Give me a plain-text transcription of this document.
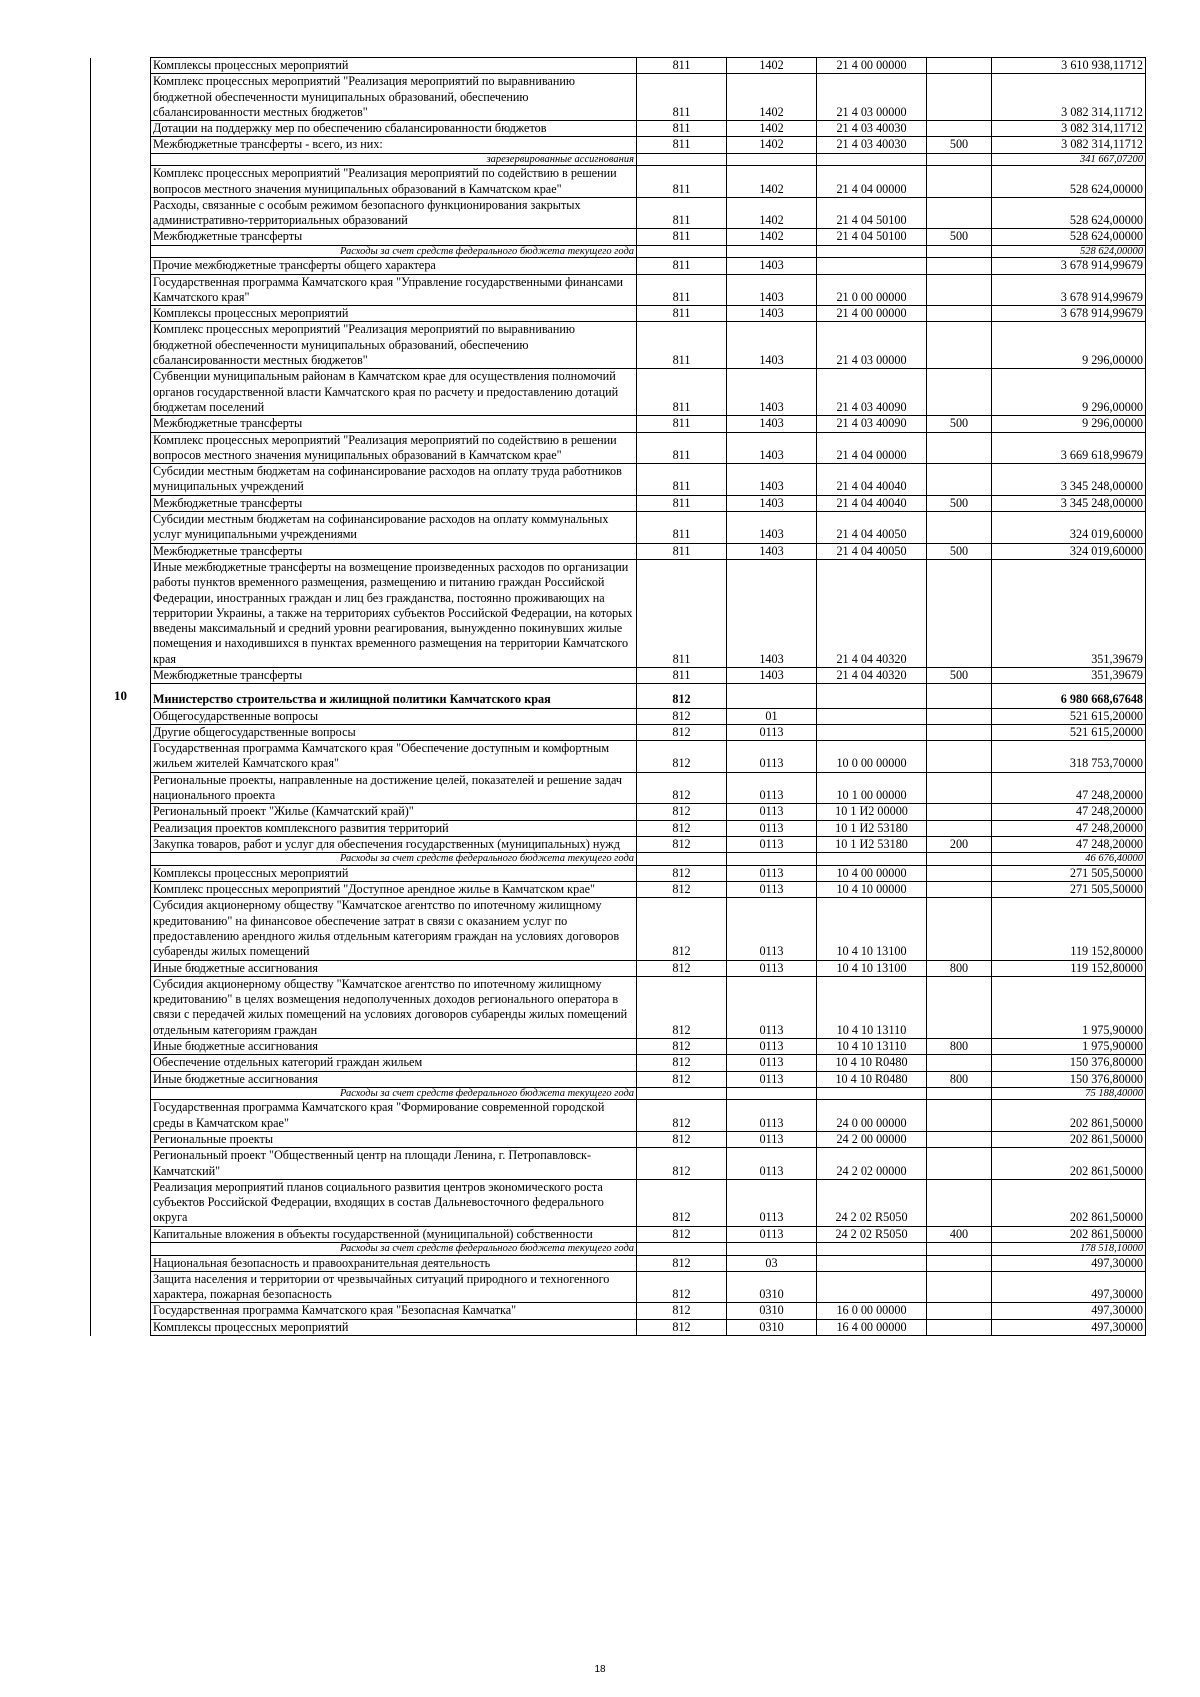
	Комплексы процессных мероприятий	811	1402	21 4 00 00000		3 610 938,11712
	Комплекс процессных мероприятий "Реализация мероприятий по выравниванию бюджетной обеспеченности муниципальных образований, обеспечению сбалансированности местных бюджетов"	811	1402	21 4 03 00000		3 082 314,11712
	Дотации на поддержку мер по обеспечению сбалансированности бюджетов	811	1402	21 4 03 40030		3 082 314,11712
	Межбюджетные трансферты - всего, из них:	811	1402	21 4 03 40030	500	3 082 314,11712
	зарезервированные ассигнования					341 667,07200
	Комплекс процессных мероприятий "Реализация мероприятий по содействию в решении вопросов местного значения муниципальных образований в Камчатском крае"	811	1402	21 4 04 00000		528 624,00000
	Расходы, связанные с особым режимом безопасного функционирования закрытых административно-территориальных образований	811	1402	21 4 04 50100		528 624,00000
	Межбюджетные трансферты	811	1402	21 4 04 50100	500	528 624,00000
	Расходы за счет средств федерального бюджета текущего года					528 624,00000
	Прочие межбюджетные трансферты общего характера	811	1403			3 678 914,99679
	Государственная программа Камчатского края "Управление государственными финансами Камчатского края"	811	1403	21 0 00 00000		3 678 914,99679
	Комплексы процессных мероприятий	811	1403	21 4 00 00000		3 678 914,99679
	Комплекс процессных мероприятий "Реализация мероприятий по выравниванию бюджетной обеспеченности муниципальных образований, обеспечению сбалансированности местных бюджетов"	811	1403	21 4 03 00000		9 296,00000
	Субвенции муниципальным районам в Камчатском крае для осуществления полномочий органов государственной власти Камчатского края по расчету и предоставлению дотаций бюджетам поселений	811	1403	21 4 03 40090		9 296,00000
	Межбюджетные трансферты	811	1403	21 4 03 40090	500	9 296,00000
	Комплекс процессных мероприятий "Реализация мероприятий по содействию в решении вопросов местного значения муниципальных образований в Камчатском крае"	811	1403	21 4 04 00000		3 669 618,99679
	Субсидии местным бюджетам на софинансирование расходов на оплату труда работников муниципальных учреждений	811	1403	21 4 04 40040		3 345 248,00000
	Межбюджетные трансферты	811	1403	21 4 04 40040	500	3 345 248,00000
	Субсидии местным бюджетам на софинансирование расходов на оплату коммунальных услуг муниципальными учреждениями	811	1403	21 4 04 40050		324 019,60000
	Межбюджетные трансферты	811	1403	21 4 04 40050	500	324 019,60000
	Иные межбюджетные трансферты на возмещение произведенных расходов по организации работы пунктов временного размещения, размещению и питанию граждан Российской Федерации, иностранных граждан и лиц без гражданства, постоянно проживающих на территории Украины, а также на территориях субъектов Российской Федерации, на которых введены максимальный и средний уровни реагирования, вынужденно покинувших жилые помещения и находившихся в пунктах временного размещения на территории Камчатского края	811	1403	21 4 04 40320		351,39679
	Межбюджетные трансферты	811	1403	21 4 04 40320	500	351,39679
10	Министерство строительства и жилищной политики Камчатского края	812				6 980 668,67648
	Общегосударственные вопросы	812	01			521 615,20000
	Другие общегосударственные вопросы	812	0113			521 615,20000
	Государственная программа Камчатского края "Обеспечение доступным и комфортным жильем жителей Камчатского края"	812	0113	10 0 00 00000		318 753,70000
	Региональные проекты, направленные на достижение целей, показателей и решение задач национального проекта	812	0113	10 1 00 00000		47 248,20000
	Региональный проект "Жилье (Камчатский край)"	812	0113	10 1 И2 00000		47 248,20000
	Реализация проектов комплексного развития территорий	812	0113	10 1 И2 53180		47 248,20000
	Закупка товаров, работ и услуг для обеспечения государственных (муниципальных) нужд	812	0113	10 1 И2 53180	200	47 248,20000
	Расходы за счет средств федерального бюджета текущего года					46 676,40000
	Комплексы процессных мероприятий	812	0113	10 4 00 00000		271 505,50000
	Комплекс процессных мероприятий "Доступное арендное жилье в Камчатском крае"	812	0113	10 4 10 00000		271 505,50000
	Субсидия акционерному обществу "Камчатское агентство по ипотечному жилищному кредитованию" на финансовое обеспечение затрат в связи с оказанием услуг по предоставлению арендного жилья отдельным категориям граждан на условиях договоров субаренды жилых помещений	812	0113	10 4 10 13100		119 152,80000
	Иные бюджетные ассигнования	812	0113	10 4 10 13100	800	119 152,80000
	Субсидия акционерному обществу "Камчатское агентство по ипотечному жилищному кредитованию" в целях возмещения недополученных доходов регионального оператора в связи с передачей жилых помещений на условиях договоров субаренды жилых помещений отдельным категориям граждан	812	0113	10 4 10 13110		1 975,90000
	Иные бюджетные ассигнования	812	0113	10 4 10 13110	800	1 975,90000
	Обеспечение отдельных категорий граждан жильем	812	0113	10 4 10 R0480		150 376,80000
	Иные бюджетные ассигнования	812	0113	10 4 10 R0480	800	150 376,80000
	Расходы за счет средств федерального бюджета текущего года					75 188,40000
	Государственная программа Камчатского края "Формирование современной городской среды в Камчатском крае"	812	0113	24 0 00 00000		202 861,50000
	Региональные проекты	812	0113	24 2 00 00000		202 861,50000
	Региональный проект "Общественный центр на площади Ленина, г. Петропавловск-Камчатский"	812	0113	24 2 02 00000		202 861,50000
	Реализация мероприятий планов социального развития центров экономического роста субъектов Российской Федерации, входящих в состав Дальневосточного федерального округа	812	0113	24 2 02 R5050		202 861,50000
	Капитальные вложения в объекты государственной (муниципальной) собственности	812	0113	24 2 02 R5050	400	202 861,50000
	Расходы за счет средств федерального бюджета текущего года					178 518,10000
	Национальная безопасность и правоохранительная деятельность	812	03			497,30000
	Защита населения и территории от чрезвычайных ситуаций природного и техногенного характера, пожарная безопасность	812	0310			497,30000
	Государственная программа Камчатского края "Безопасная Камчатка"	812	0310	16 0 00 00000		497,30000
	Комплексы процессных мероприятий	812	0310	16 4 00 00000		497,30000
18
